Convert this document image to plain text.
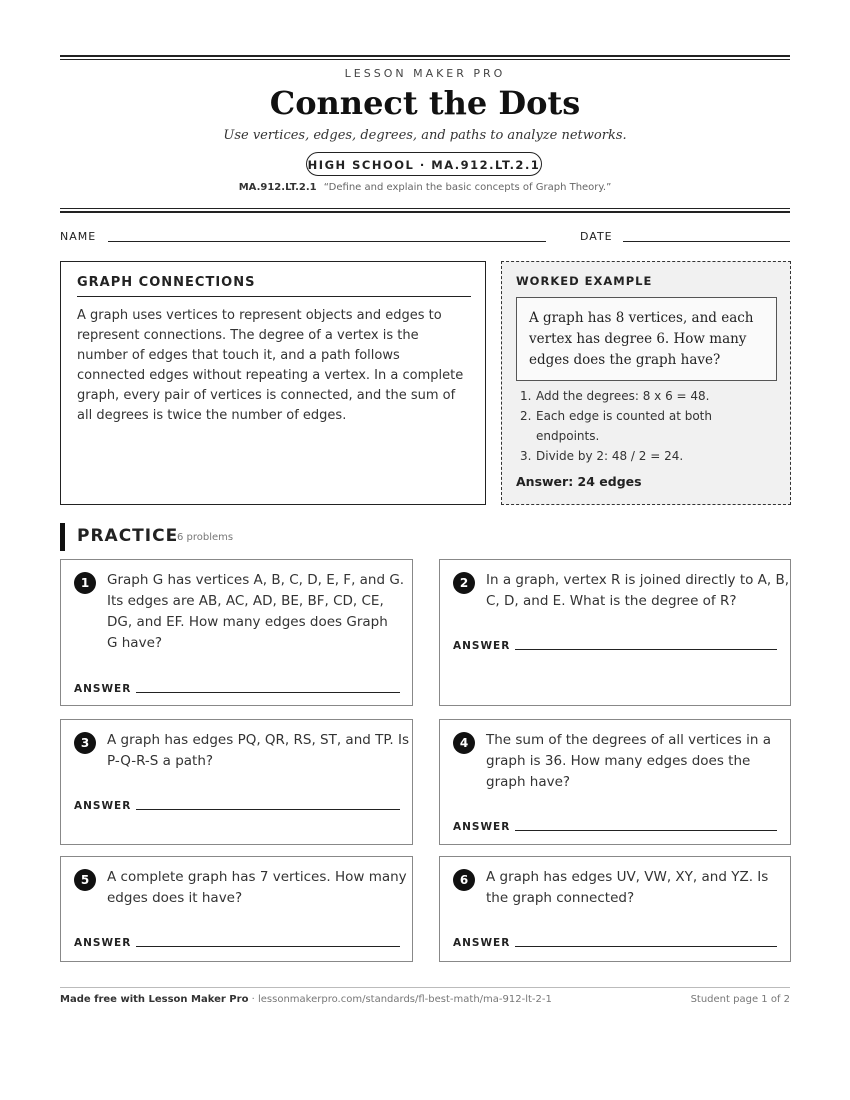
LESSON MAKER PRO
Connect the Dots
Use vertices, edges, degrees, and paths to analyze networks.
HIGH SCHOOL · MA.912.LT.2.1
MA.912.LT.2.1 “Define and explain the basic concepts of Graph Theory.”
NAME	DATE
GRAPH CONNECTIONS
A graph uses vertices to represent objects and edges to represent connections. The degree of a vertex is the number of edges that touch it, and a path follows connected edges without repeating a vertex. In a complete graph, every pair of vertices is connected, and the sum of all degrees is twice the number of edges.
WORKED EXAMPLE
A graph has 8 vertices, and each vertex has degree 6. How many edges does the graph have?
1. Add the degrees: 8 x 6 = 48.
2. Each edge is counted at both endpoints.
3. Divide by 2: 48 / 2 = 24.
Answer: 24 edges
PRACTICE
6 problems
1	Graph G has vertices A, B, C, D, E, F, and G.
Its edges are AB, AC, AD, BE, BF, CD, CE,
DG, and EF. How many edges does Graph
G have?
ANSWER
2	In a graph, vertex R is joined directly to A, B,
C, D, and E. What is the degree of R?
ANSWER
3	A graph has edges PQ, QR, RS, ST, and TP. Is
P-Q-R-S a path?
ANSWER
4	The sum of the degrees of all vertices in a
graph is 36. How many edges does the
graph have?
ANSWER
5	A complete graph has 7 vertices. How many
edges does it have?
ANSWER
6	A graph has edges UV, VW, XY, and YZ. Is
the graph connected?
ANSWER
Made free with Lesson Maker Pro · lessonmakerpro.com/standards/fl-best-math/ma-912-lt-2-1	Student page 1 of 2
